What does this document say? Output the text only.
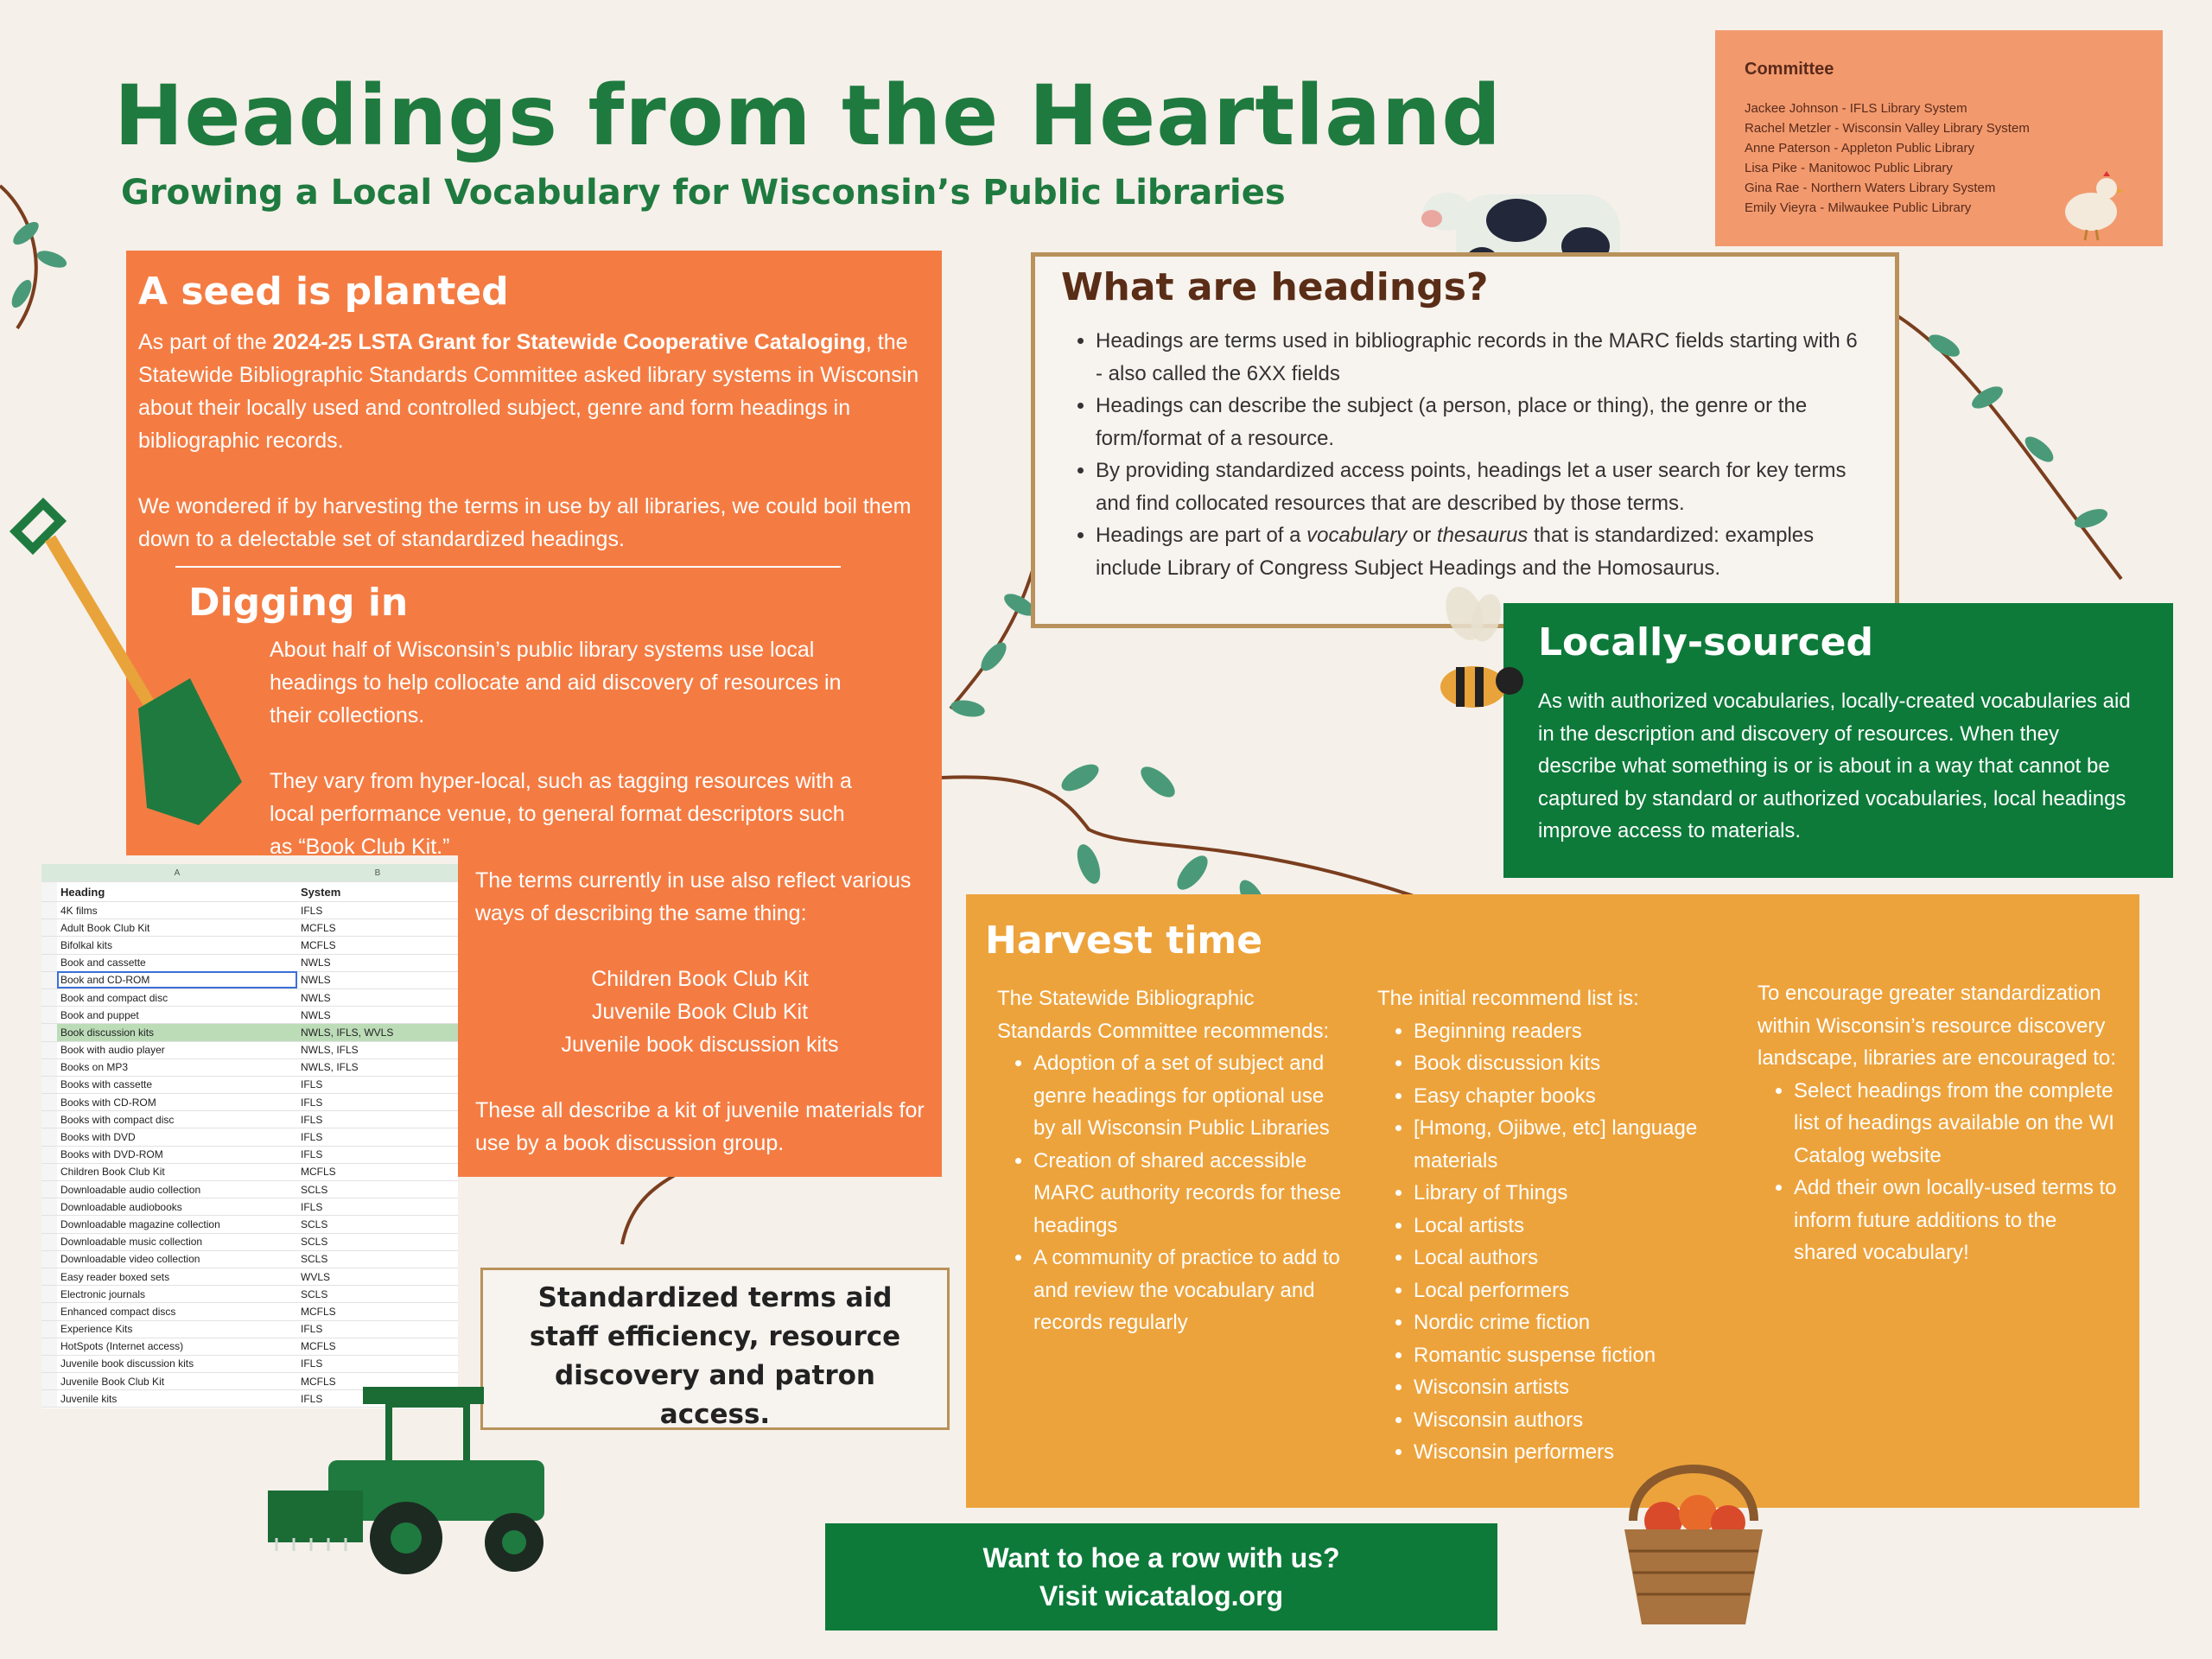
Headings from the Heartland
Growing a Local Vocabulary for Wisconsin’s Public Libraries
Committee
Jackee Johnson - IFLS Library System
Rachel Metzler - Wisconsin Valley Library System
Anne Paterson - Appleton Public Library
Lisa Pike - Manitowoc Public Library
Gina Rae - Northern Waters Library System
Emily Vieyra - Milwaukee Public Library
A seed is planted

As part of the 2024-25 LSTA Grant for Statewide Cooperative Cataloging, the Statewide Bibliographic Standards Committee asked library systems in Wisconsin about their locally used and controlled subject, genre and form headings in bibliographic records.

We wondered if by harvesting the terms in use by all libraries, we could boil them down to a delectable set of standardized headings.

Digging in

About half of Wisconsin’s public library systems use local headings to help collocate and aid discovery of resources in their collections.

They vary from hyper-local, such as tagging resources with a local performance venue, to general format descriptors such as “Book Club Kit.”

The terms currently in use also reflect various ways of describing the same thing:

Children Book Club Kit
Juvenile Book Club Kit
Juvenile book discussion kits

These all describe a kit of juvenile materials for use by a book discussion group.

	A	B
	Heading	System
	4K films	IFLS
	Adult Book Club Kit	MCFLS
	Bifolkal kits	MCFLS
	Book and cassette	NWLS
	Book and CD-ROM	NWLS
	Book and compact disc	NWLS
	Book and puppet	NWLS
	Book discussion kits	NWLS, IFLS, WVLS
	Book with audio player	NWLS, IFLS
	Books on MP3	NWLS, IFLS
	Books with cassette	IFLS
	Books with CD-ROM	IFLS
	Books with compact disc	IFLS
	Books with DVD	IFLS
	Books with DVD-ROM	IFLS
	Children Book Club Kit	MCFLS
	Downloadable audio collection	SCLS
	Downloadable audiobooks	IFLS
	Downloadable magazine collection	SCLS
	Downloadable music collection	SCLS
	Downloadable video collection	SCLS
	Easy reader boxed sets	WVLS
	Electronic journals	SCLS
	Enhanced compact discs	MCFLS
	Experience Kits	IFLS
	HotSpots (Internet access)	MCFLS
	Juvenile book discussion kits	IFLS
	Juvenile Book Club Kit	MCFLS
	Juvenile kits	IFLS
What are headings?
• Headings are terms used in bibliographic records in the MARC fields starting with 6 - also called the 6XX fields
• Headings can describe the subject (a person, place or thing), the genre or the form/format of a resource.
• By providing standardized access points, headings let a user search for key terms and find collocated resources that are described by those terms.
• Headings are part of a vocabulary or thesaurus that is standardized: examples include Library of Congress Subject Headings and the Homosaurus.
Locally-sourced

As with authorized vocabularies, locally-created vocabularies aid in the description and discovery of resources. When they describe what something is or is about in a way that cannot be captured by standard or authorized vocabularies, local headings improve access to materials.

Harvest time

The Statewide Bibliographic Standards Committee recommends:

• Adoption of a set of subject and genre headings for optional use by all Wisconsin Public Libraries
• Creation of shared accessible MARC authority records for these headings
• A community of practice to add to and review the vocabulary and records regularly

The initial recommend list is:

• Beginning readers
• Book discussion kits
• Easy chapter books
• [Hmong, Ojibwe, etc] language materials
• Library of Things
• Local artists
• Local authors
• Local performers
• Nordic crime fiction
• Romantic suspense fiction
• Wisconsin artists
• Wisconsin authors
• Wisconsin performers

To encourage greater standardization within Wisconsin’s resource discovery landscape, libraries are encouraged to:

• Select headings from the complete list of headings available on the WI Catalog website
• Add their own locally-used terms to inform future additions to the shared vocabulary!
Standardized terms aid staff efficiency, resource discovery and patron access.
Want to hoe a row with us?
Visit wicatalog.org
